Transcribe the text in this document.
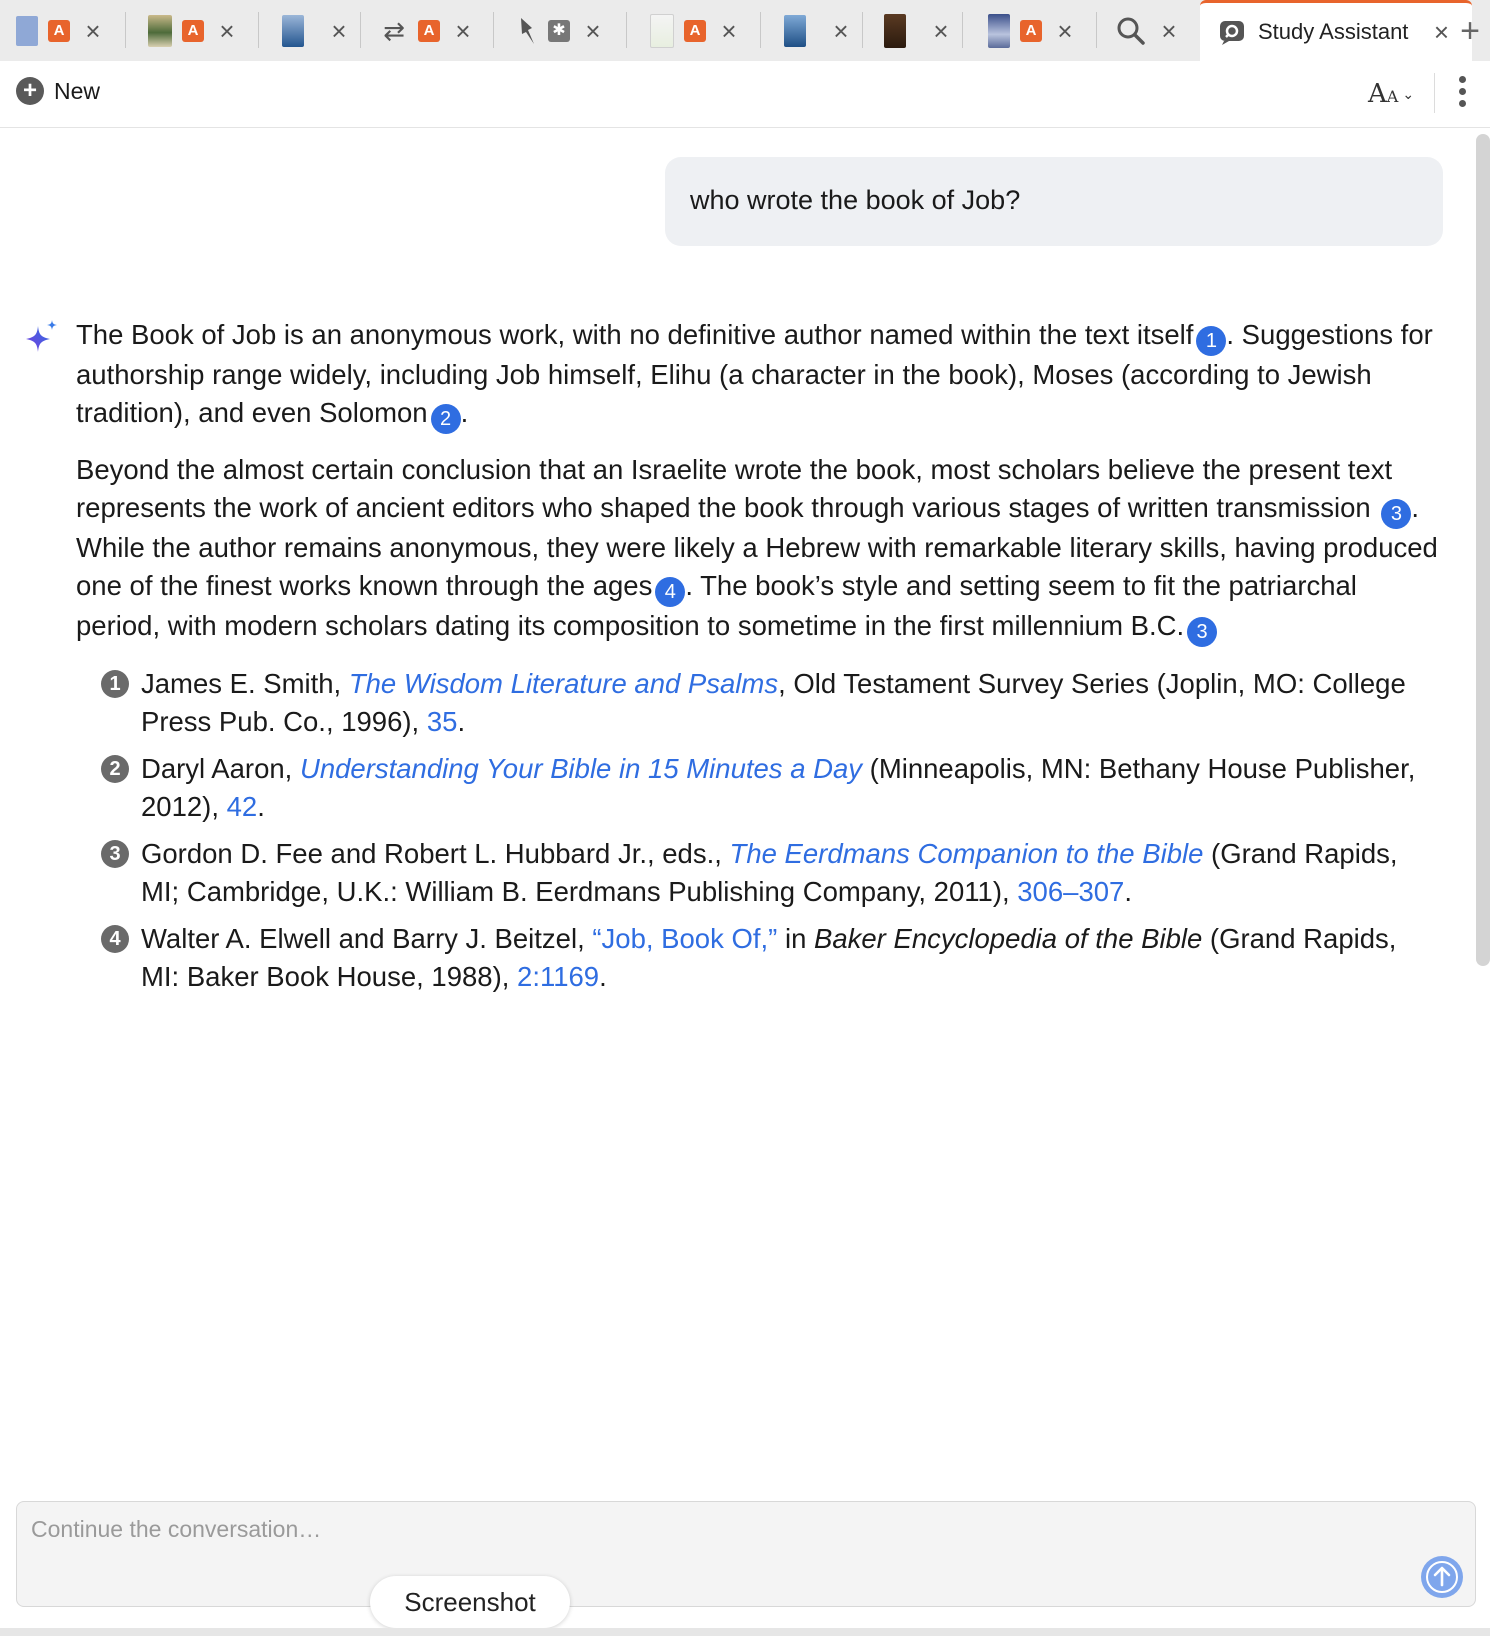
A ×	A ×	× ⇄	A ×	✱ ×	A ×	×	×	A ×	×	Study Assistant × +
+ New	AA ⌄
who wrote the book of Job?

The Book of Job is an anonymous work, with no definitive author named within the text itself 1 . Suggestions for authorship range widely, including Job himself, Elihu (a character in the book), Moses (according to Jewish tradition), and even Solomon 2 .

Beyond the almost certain conclusion that an Israelite wrote the book, most scholars believe the present text represents the work of ancient editors who shaped the book through various stages of written transmission 3 . While the author remains anonymous, they were likely a Hebrew with remarkable literary skills, having produced one of the finest works known through the ages 4 . The book’s style and setting seem to fit the patriarchal period, with modern scholars dating its composition to sometime in the first millennium B.C. 3

1 James E. Smith, The Wisdom Literature and Psalms, Old Testament Survey Series (Joplin, MO: College Press Pub. Co., 1996), 35.
2 Daryl Aaron, Understanding Your Bible in 15 Minutes a Day (Minneapolis, MN: Bethany House Publisher, 2012), 42.
3 Gordon D. Fee and Robert L. Hubbard Jr., eds., The Eerdmans Companion to the Bible (Grand Rapids, MI; Cambridge, U.K.: William B. Eerdmans Publishing Company, 2011), 306–307.
4 Walter A. Elwell and Barry J. Beitzel, “Job, Book Of,” in Baker Encyclopedia of the Bible (Grand Rapids, MI: Baker Book House, 1988), 2:1169.
Continue the conversation…
Screenshot
